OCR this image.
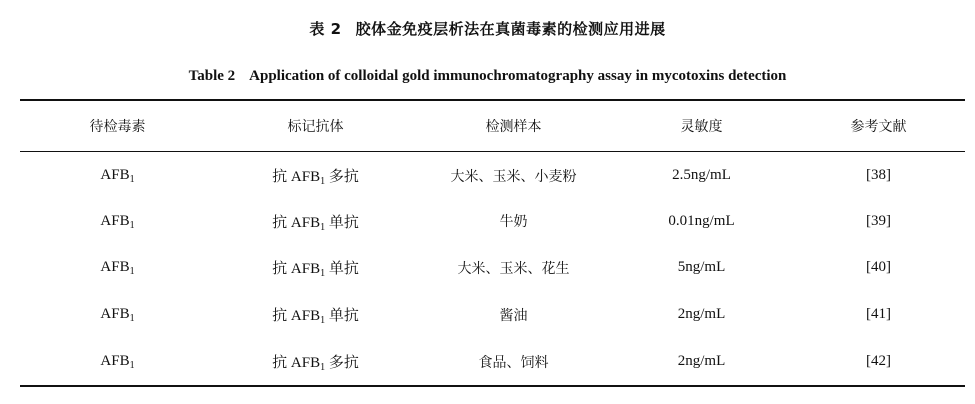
表 2 胶体金免疫层析法在真菌毒素的检测应用进展
Table 2 Application of colloidal gold immunochromatography assay in mycotoxins detection
待检毒素	标记抗体	检测样本	灵敏度	参考文献
$AFB_1$	抗 $AFB_1$ 多抗	大米、玉米、小麦粉	2.5ng/mL	[38]
$AFB_1$	抗 $AFB_1$ 单抗	牛奶	0.01ng/mL	[39]
$AFB_1$	抗 $AFB_1$ 单抗	大米、玉米、花生	5ng/mL	[40]
$AFB_1$	抗 $AFB_1$ 单抗	酱油	2ng/mL	[41]
$AFB_1$	抗 $AFB_1$ 多抗	食品、饲料	2ng/mL	[42]
